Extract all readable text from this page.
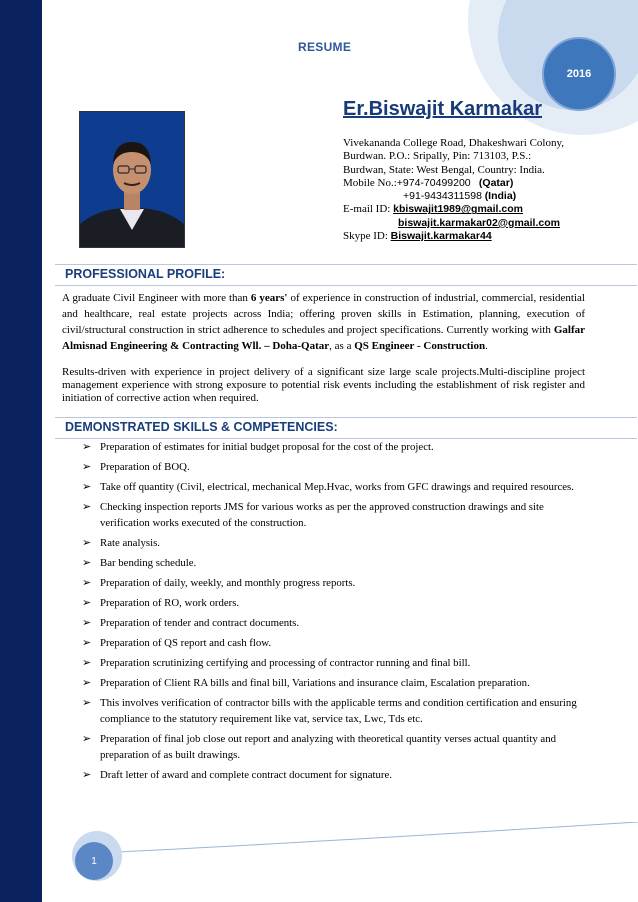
2016
RESUME
Er.Biswajit Karmakar
Vivekananda College Road, Dhakeshwari Colony, Burdwan. P.O.: Sripally, Pin: 713103, P.S.: Burdwan, State: West Bengal, Country: India.
Mobile No.:+974-70499200 (Qatar)
+91-9434311598 (India)
E-mail ID: kbiswajit1989@gmail.com
biswajit.karmakar02@gmail.com
Skype ID: Biswajit.karmakar44
PROFESSIONAL PROFILE:
A graduate Civil Engineer with more than 6 years' of experience in construction of industrial, commercial, residential and healthcare, real estate projects across India; offering proven skills in Estimation, planning, execution of civil/structural construction in strict adherence to schedules and project specifications. Currently working with Galfar Almisnad Engineering & Contracting Wll. – Doha-Qatar, as a QS Engineer - Construction.
Results-driven with experience in project delivery of a significant size large scale projects.Multi-discipline project management experience with strong exposure to potential risk events including the establishment of risk register and initiation of corrective action when required.
DEMONSTRATED SKILLS & COMPETENCIES:
➢ Preparation of estimates for initial budget proposal for the cost of the project.
➢ Preparation of BOQ.
➢ Take off quantity (Civil, electrical, mechanical Mep.Hvac, works from GFC drawings and required resources.
➢ Checking inspection reports JMS for various works as per the approved construction drawings and site verification works executed of the construction.
➢ Rate analysis.
➢ Bar bending schedule.
➢ Preparation of daily, weekly, and monthly progress reports.
➢ Preparation of RO, work orders.
➢ Preparation of tender and contract documents.
➢ Preparation of QS report and cash flow.
➢ Preparation scrutinizing certifying and processing of contractor running and final bill.
➢ Preparation of Client RA bills and final bill, Variations and insurance claim, Escalation preparation.
➢ This involves verification of contractor bills with the applicable terms and condition certification and ensuring compliance to the statutory requirement like vat, service tax, Lwc, Tds etc.
➢ Preparation of final job close out report and analyzing with theoretical quantity verses actual quantity and preparation of as built drawings.
➢ Draft letter of award and complete contract document for signature.
1
